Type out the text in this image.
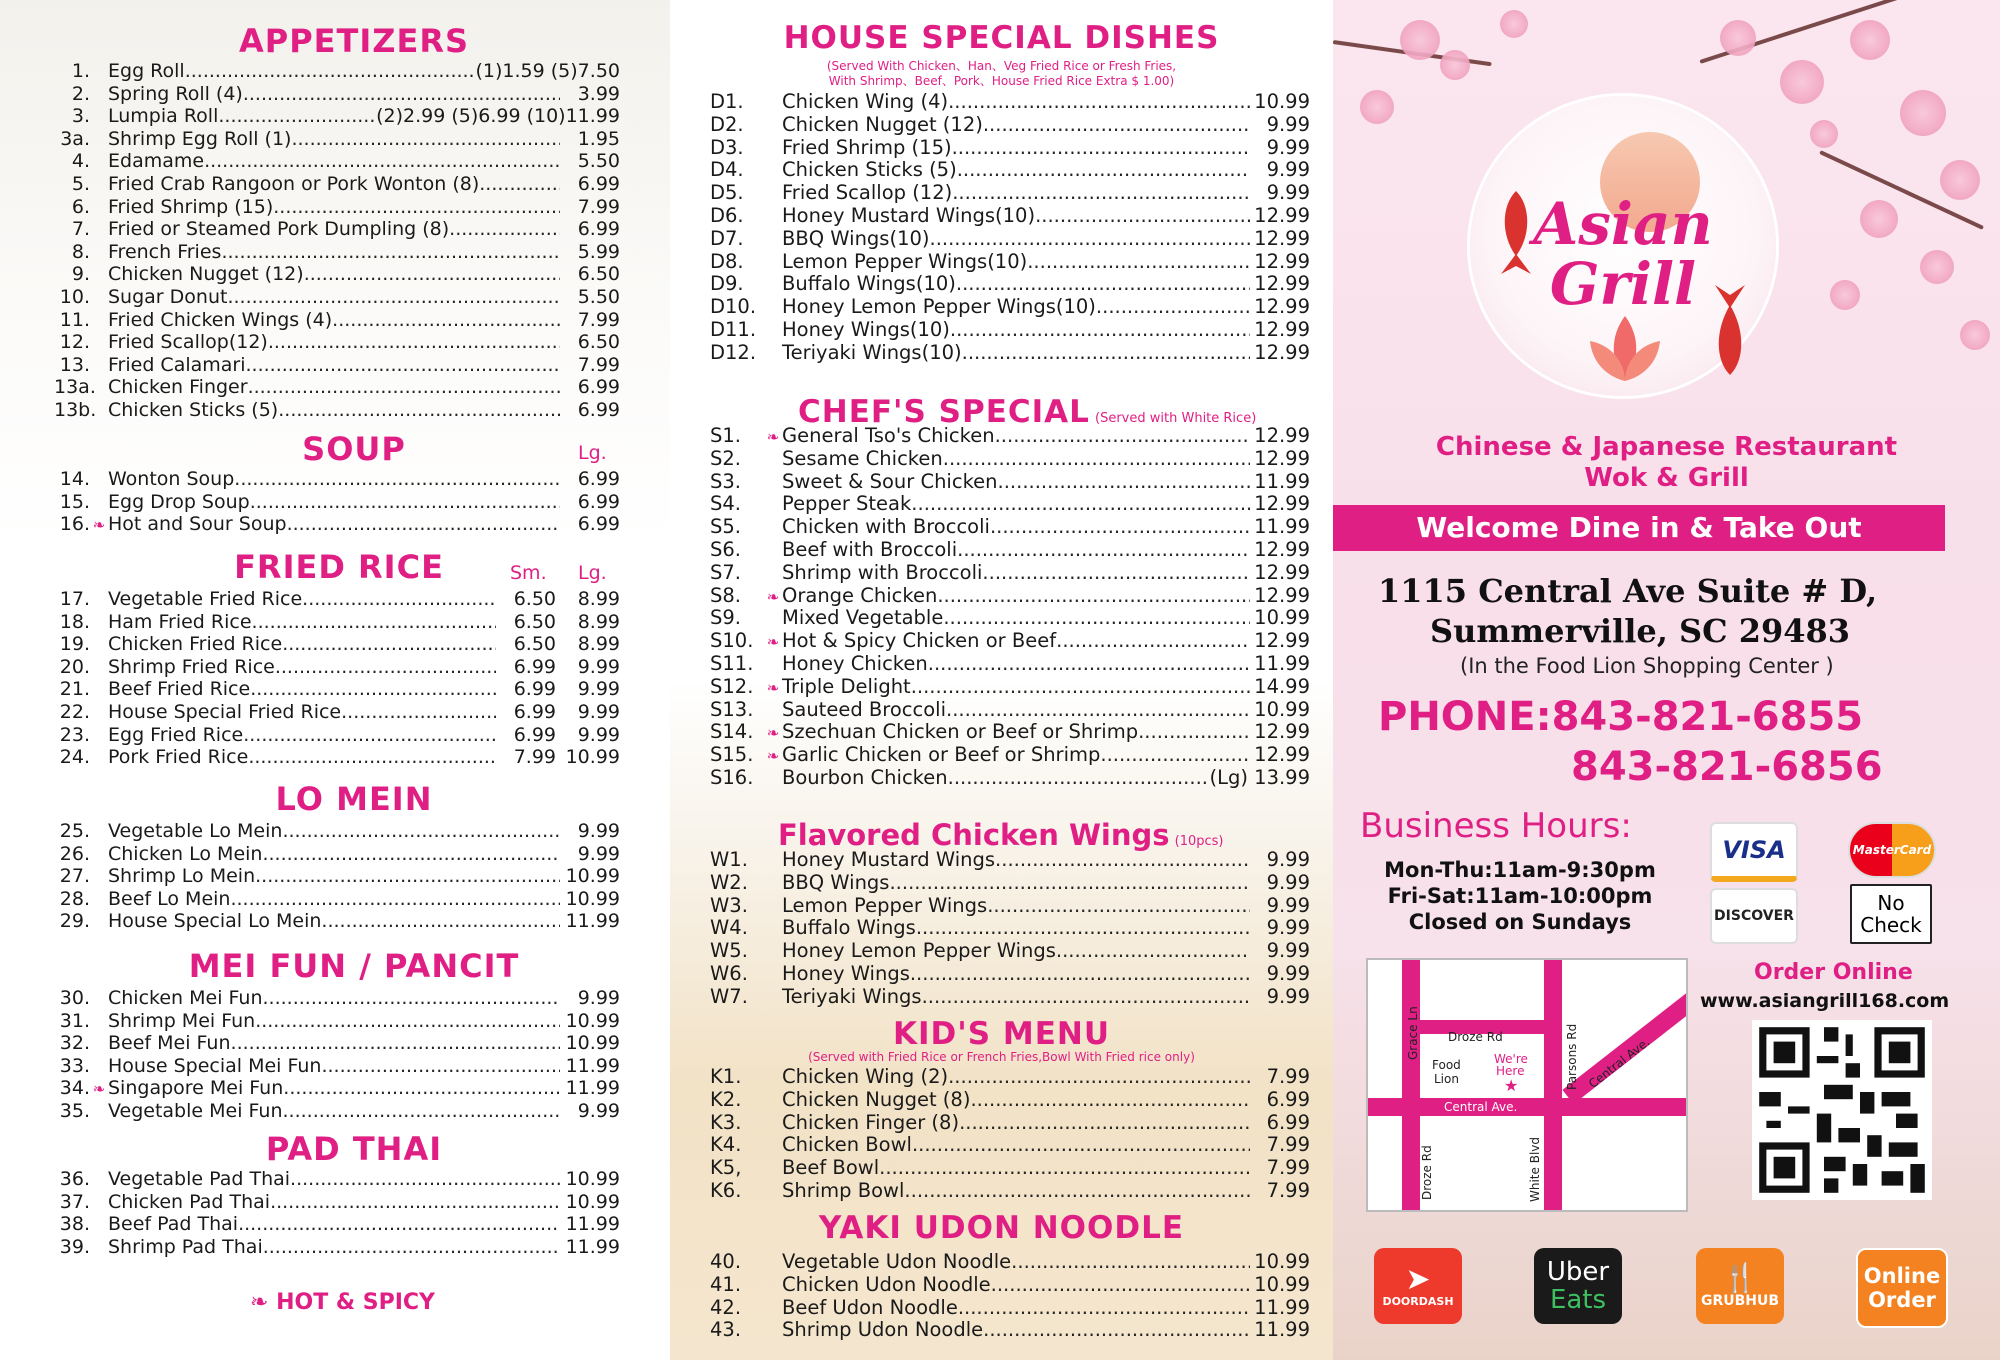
APPETIZERS
1. Egg Roll .....	(1)1.59 (5)7.50
2. Spring Roll (4) .....	3.99
3. Lumpia Roll .....	(2)2.99 (5)6.99 (10)11.99
3a. Shrimp Egg Roll (1) .....	1.95
4. Edamame .....	5.50
5. Fried Crab Rangoon or Pork Wonton (8) .....	6.99
6. Fried Shrimp (15) .....	7.99
7. Fried or Steamed Pork Dumpling (8) .....	6.99
8. French Fries .....	5.99
9. Chicken Nugget (12) .....	6.50
10. Sugar Donut .....	5.50
11. Fried Chicken Wings (4) .....	7.99
12. Fried Scallop(12) .....	6.50
13. Fried Calamari .....	7.99
13a. Chicken Finger .....	6.99
13b. Chicken Sticks (5) .....	6.99
SOUP	Lg.
14. Wonton Soup .....	6.99
15. Egg Drop Soup .....	6.99
16. ❧ Hot and Sour Soup .....	6.99
FRIED RICE	Sm. Lg.
17. Vegetable Fried Rice .....	6.50	8.99
18. Ham Fried Rice .....	6.50	8.99
19. Chicken Fried Rice .....	6.50	8.99
20. Shrimp Fried Rice .....	6.99	9.99
21. Beef Fried Rice .....	6.99	9.99
22. House Special Fried Rice .....	6.99	9.99
23. Egg Fried Rice .....	6.99	9.99
24. Pork Fried Rice .....	7.99 10.99
LO MEIN
25. Vegetable Lo Mein .....	9.99
26. Chicken Lo Mein .....	9.99
27. Shrimp Lo Mein .....	10.99
28. Beef Lo Mein .....	10.99
29. House Special Lo Mein .....	11.99
MEI FUN / PANCIT
30. Chicken Mei Fun .....	9.99
31. Shrimp Mei Fun .....	10.99
32. Beef Mei Fun .....	10.99
33. House Special Mei Fun .....	11.99
34. ❧ Singapore Mei Fun .....	11.99
35. Vegetable Mei Fun .....	9.99
PAD THAI
36. Vegetable Pad Thai .....	10.99
37. Chicken Pad Thai .....	10.99
38. Beef Pad Thai .....	11.99
39. Shrimp Pad Thai .....	11.99
❧ HOT & SPICY
HOUSE SPECIAL DISHES
(Served With Chicken、Han、Veg Fried Rice or Fresh Fries,
With Shrimp、Beef、Pork、House Fried Rice Extra $ 1.00)
D1.	Chicken Wing (4) .....	10.99
D2.	Chicken Nugget (12) .....	9.99
D3.	Fried Shrimp (15) .....	9.99
D4.	Chicken Sticks (5) .....	9.99
D5.	Fried Scallop (12) .....	9.99
D6.	Honey Mustard Wings(10) .....	12.99
D7.	BBQ Wings(10) .....	12.99
D8.	Lemon Pepper Wings(10) .....	12.99
D9.	Buffalo Wings(10) .....	12.99
D10.	Honey Lemon Pepper Wings(10) .....	12.99
D11.	Honey Wings(10) .....	12.99
D12.	Teriyaki Wings(10) .....	12.99
CHEF'S SPECIAL (Served with White Rice)
S1.	❧ General Tso's Chicken .....	12.99
S2.	Sesame Chicken .....	12.99
S3.	Sweet & Sour Chicken .....	11.99
S4.	Pepper Steak .....	12.99
S5.	Chicken with Broccoli .....	11.99
S6.	Beef with Broccoli .....	12.99
S7.	Shrimp with Broccoli .....	12.99
S8.	❧ Orange Chicken .....	12.99
S9.	Mixed Vegetable .....	10.99
S10. ❧ Hot & Spicy Chicken or Beef .....	12.99
S11.	Honey Chicken .....	11.99
S12. ❧ Triple Delight .....	14.99
S13.	Sauteed Broccoli .....	10.99
S14. ❧ Szechuan Chicken or Beef or Shrimp .....	12.99
S15. ❧ Garlic Chicken or Beef or Shrimp .....	12.99
S16.	Bourbon Chicken .....	(Lg) 13.99
Flavored Chicken Wings (10pcs)
W1.	Honey Mustard Wings .....	9.99
W2.	BBQ Wings .....	9.99
W3.	Lemon Pepper Wings .....	9.99
W4.	Buffalo Wings .....	9.99
W5.	Honey Lemon Pepper Wings .....	9.99
W6.	Honey Wings .....	9.99
W7.	Teriyaki Wings .....	9.99
KID'S MENU
(Served with Fried Rice or French Fries,Bowl With Fried rice only)
K1.	Chicken Wing (2) .....	7.99
K2.	Chicken Nugget (8) .....	6.99
K3.	Chicken Finger (8) .....	6.99
K4.	Chicken Bowl .....	7.99
K5,	Beef Bowl .....	7.99
K6.	Shrimp Bowl .....	7.99
YAKI UDON NOODLE
40.	Vegetable Udon Noodle .....	10.99
41.	Chicken Udon Noodle .....	10.99
42.	Beef Udon Noodle .....	11.99
43.	Shrimp Udon Noodle .....	11.99
Asian
Grill
Chinese & Japanese Restaurant
Wok & Grill
Welcome Dine in & Take Out
1115 Central Ave Suite # D,
Summerville, SC 29483
(In the Food Lion Shopping Center )
PHONE:843-821-6855
843-821-6856
Business Hours:
Mon-Thu:11am-9:30pm
Fri-Sat:11am-10:00pm
Closed on Sundays
VISA	MasterCard
DISCOVER
No
Check
Droze Rd
Grace Ln
Food
Lion
We're
Here
★	Parsons Rd Central Ave.
Central Ave.
Droze Rd	White Blvd
Order Online
www.asiangrill168.com
➤
DOORDASH
Uber
Eats
🍴
GRUBHUB
Online
Order
